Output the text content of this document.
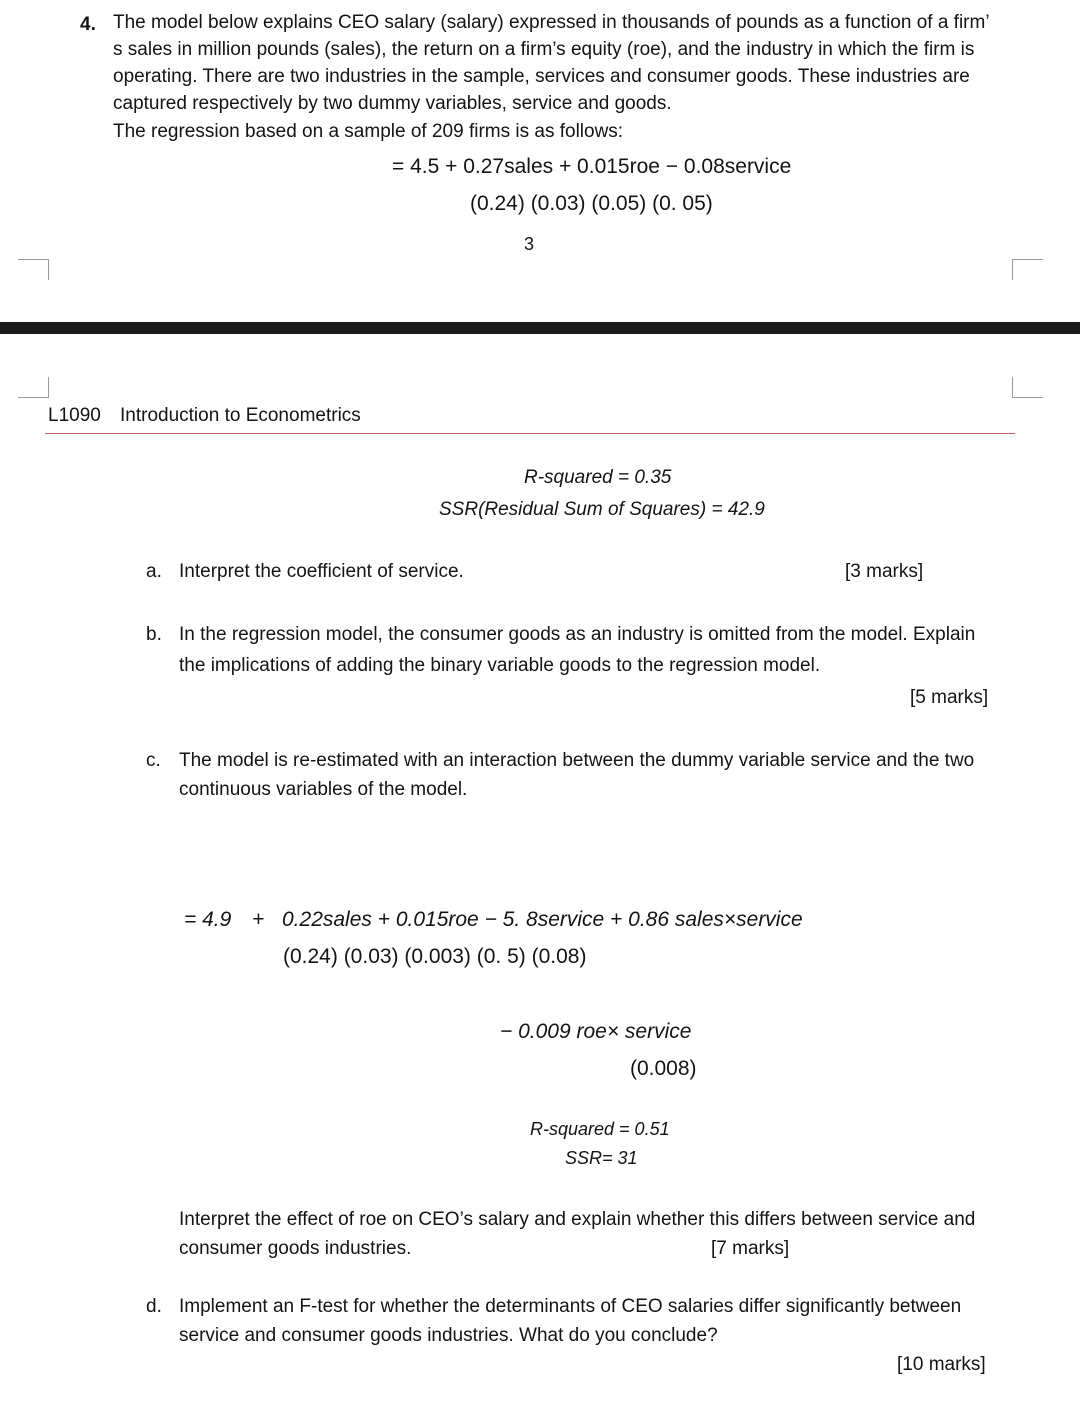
4. The model below explains CEO salary (salary) expressed in thousands of pounds as a function of a firm’
s sales in million pounds (sales), the return on a firm’s equity (roe), and the industry in which the firm is
operating. There are two industries in the sample, services and consumer goods. These industries are
captured respectively by two dummy variables, service and goods.
The regression based on a sample of 209 firms is as follows:
= 4.5 + 0.27sales + 0.015roe − 0.08service
(0.24) (0.03) (0.05) (0. 05)
3
L1090 Introduction to Econometrics
R-squared = 0.35
SSR(Residual Sum of Squares) = 42.9
a. Interpret the coefficient of service.	[3 marks]
b. In the regression model, the consumer goods as an industry is omitted from the model. Explain
the implications of adding the binary variable goods to the regression model.
[5 marks]
c. The model is re-estimated with an interaction between the dummy variable service and the two
continuous variables of the model.
= 4.9 + 0.22sales + 0.015roe − 5. 8service + 0.86 sales×service
(0.24) (0.03) (0.003) (0. 5) (0.08)
− 0.009 roe× service
(0.008)
R-squared = 0.51
SSR= 31
Interpret the effect of roe on CEO’s salary and explain whether this differs between service and
consumer goods industries.	[7 marks]
d. Implement an F-test for whether the determinants of CEO salaries differ significantly between
service and consumer goods industries. What do you conclude?
[10 marks]
